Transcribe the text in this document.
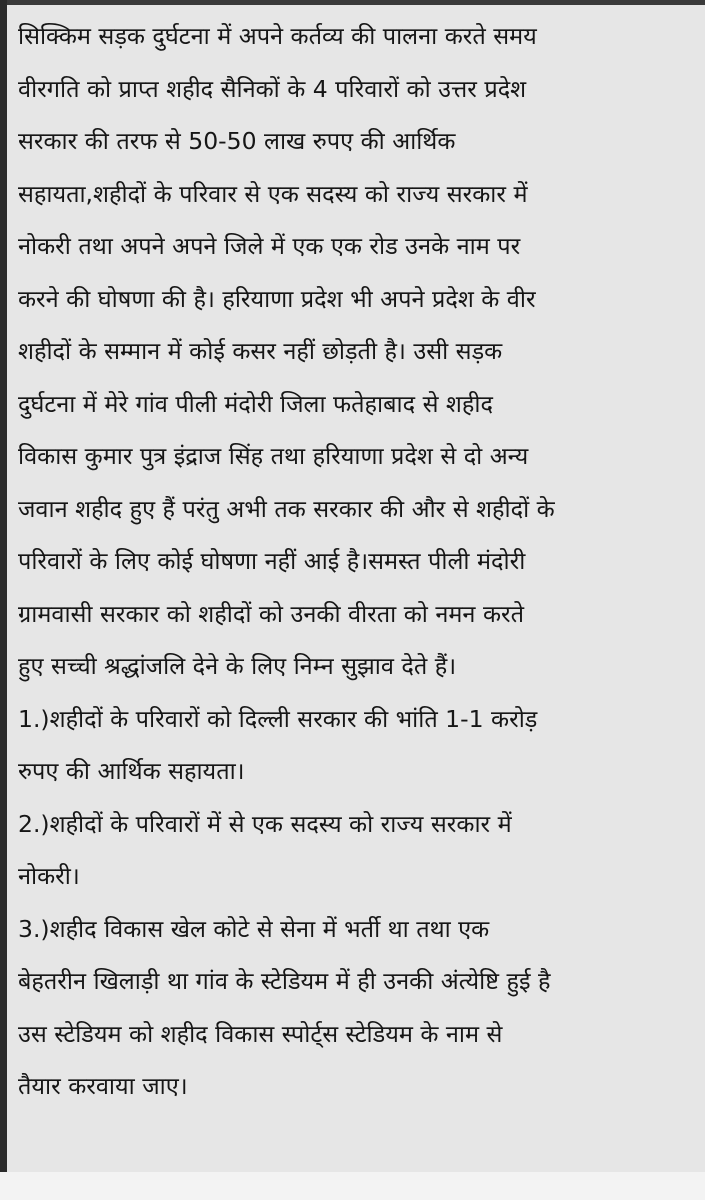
सिक्किम सड़क दुर्घटना में अपने कर्तव्य की पालना करते समय
वीरगति को प्राप्त शहीद सैनिकों के 4 परिवारों को उत्तर प्रदेश
सरकार की तरफ से 50-50 लाख रुपए की आर्थिक
सहायता,शहीदों के परिवार से एक सदस्य को राज्य सरकार में
नोकरी तथा अपने अपने जिले में एक एक रोड उनके नाम पर
करने की घोषणा की है। हरियाणा प्रदेश भी अपने प्रदेश के वीर
शहीदों के सम्मान में कोई कसर नहीं छोड़ती है। उसी सड़क
दुर्घटना में मेरे गांव पीली मंदोरी जिला फतेहाबाद से शहीद
विकास कुमार पुत्र इंद्राज सिंह तथा हरियाणा प्रदेश से दो अन्य
जवान शहीद हुए हैं परंतु अभी तक सरकार की और से शहीदों के
परिवारों के लिए कोई घोषणा नहीं आई है।समस्त पीली मंदोरी
ग्रामवासी सरकार को शहीदों को उनकी वीरता को नमन करते
हुए सच्ची श्रद्धांजलि देने के लिए निम्न सुझाव देते हैं।
1.)शहीदों के परिवारों को दिल्ली सरकार की भांति 1-1 करोड़
रुपए की आर्थिक सहायता।
2.)शहीदों के परिवारों में से एक सदस्य को राज्य सरकार में
नोकरी।
3.)शहीद विकास खेल कोटे से सेना में भर्ती था तथा एक
बेहतरीन खिलाड़ी था गांव के स्टेडियम में ही उनकी अंत्येष्टि हुई है
उस स्टेडियम को शहीद विकास स्पोर्ट्स स्टेडियम के नाम से
तैयार करवाया जाए।
